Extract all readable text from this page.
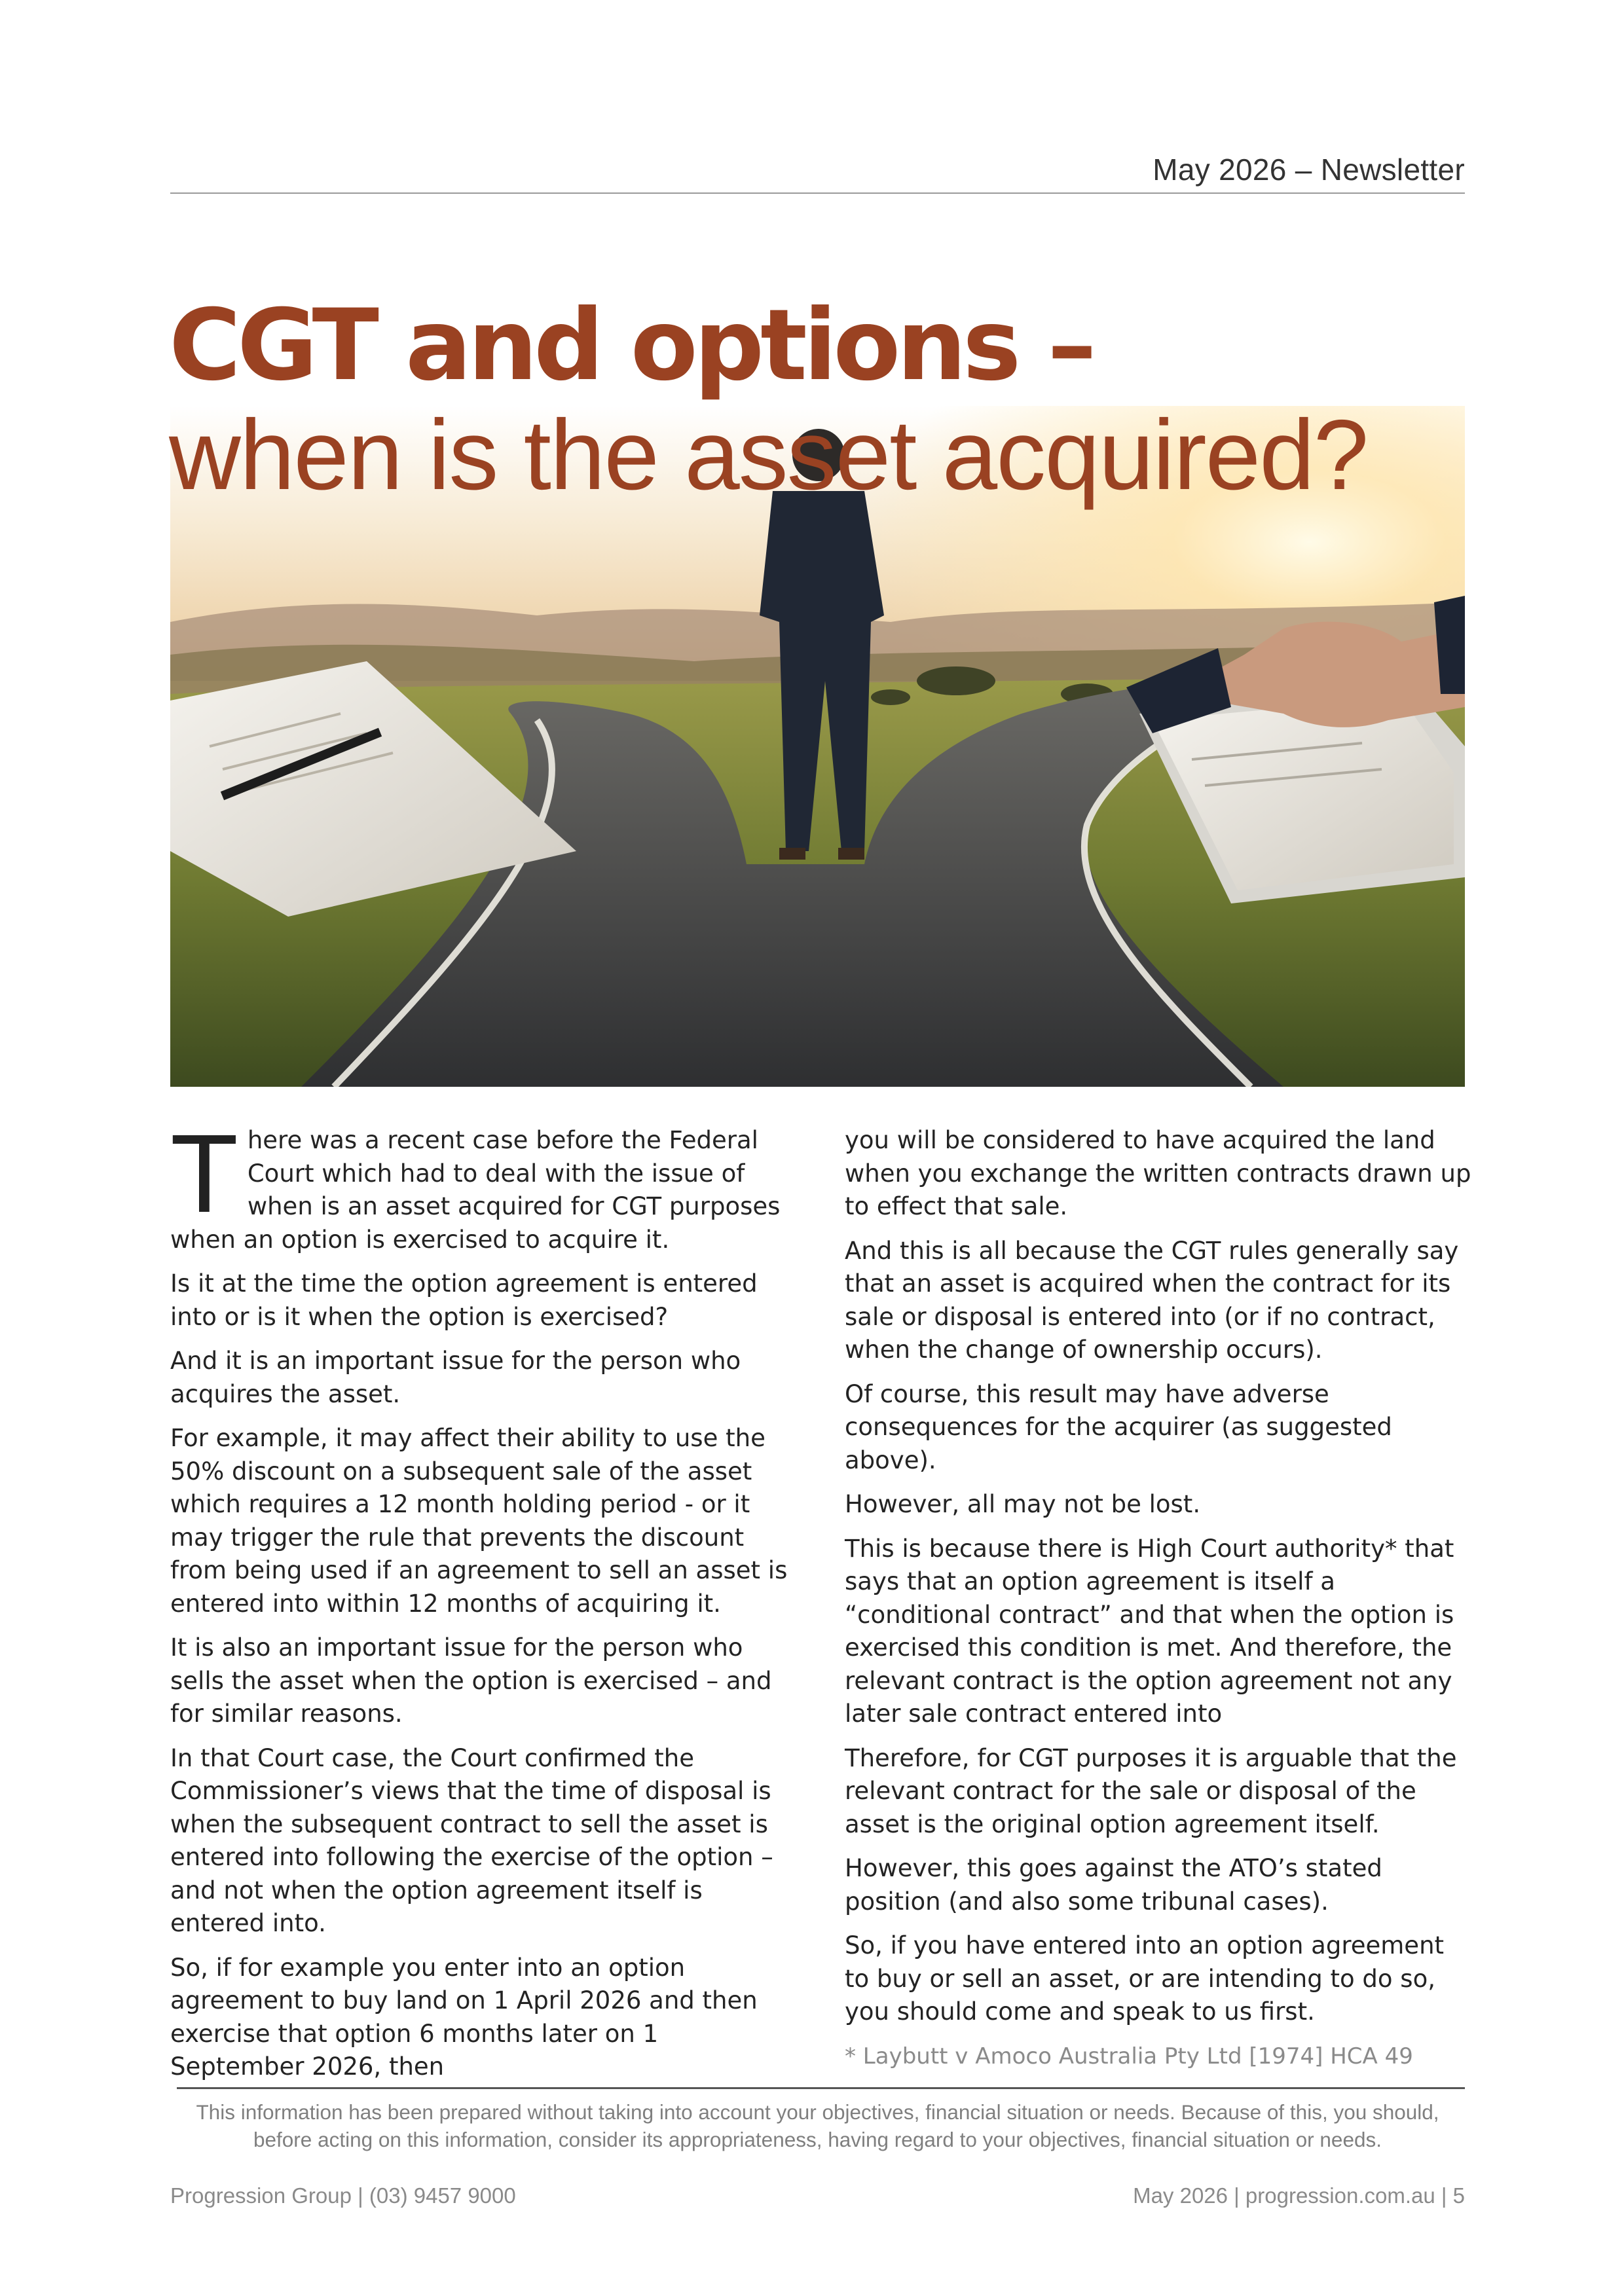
May 2026 – Newsletter
CGT and options –
when is the asset acquired?

There was a recent case before the Federal Court which had to deal with the issue of when is an asset acquired for CGT purposes when an option is exercised to acquire it.

Is it at the time the option agreement is entered into or is it when the option is exercised?

And it is an important issue for the person who acquires the asset.

For example, it may affect their ability to use the 50% discount on a subsequent sale of the asset which requires a 12 month holding period - or it may trigger the rule that prevents the discount from being used if an agreement to sell an asset is entered into within 12 months of acquiring it.

It is also an important issue for the person who sells the asset when the option is exercised – and for similar reasons.

In that Court case, the Court confirmed the Commissioner’s views that the time of disposal is when the subsequent contract to sell the asset is entered into following the exercise of the option – and not when the option agreement itself is entered into.

So, if for example you enter into an option agreement to buy land on 1 April 2026 and then exercise that option 6 months later on 1 September 2026, then

you will be considered to have acquired the land when you exchange the written contracts drawn up to effect that sale.

And this is all because the CGT rules generally say that an asset is acquired when the contract for its sale or disposal is entered into (or if no contract, when the change of ownership occurs).

Of course, this result may have adverse consequences for the acquirer (as suggested above).

However, all may not be lost.

This is because there is High Court authority* that says that an option agreement is itself a “conditional contract” and that when the option is exercised this condition is met. And therefore, the relevant contract is the option agreement not any later sale contract entered into

Therefore, for CGT purposes it is arguable that the relevant contract for the sale or disposal of the asset is the original option agreement itself.

However, this goes against the ATO’s stated position (and also some tribunal cases).

So, if you have entered into an option agreement to buy or sell an asset, or are intending to do so, you should come and speak to us first.

* Laybutt v Amoco Australia Pty Ltd [1974] HCA 49

This information has been prepared without taking into account your objectives, financial situation or needs. Because of this, you should, before acting on this information, consider its appropriateness, having regard to your objectives, financial situation or needs.
Progression Group | (03) 9457 9000	May 2026 | progression.com.au | 5
